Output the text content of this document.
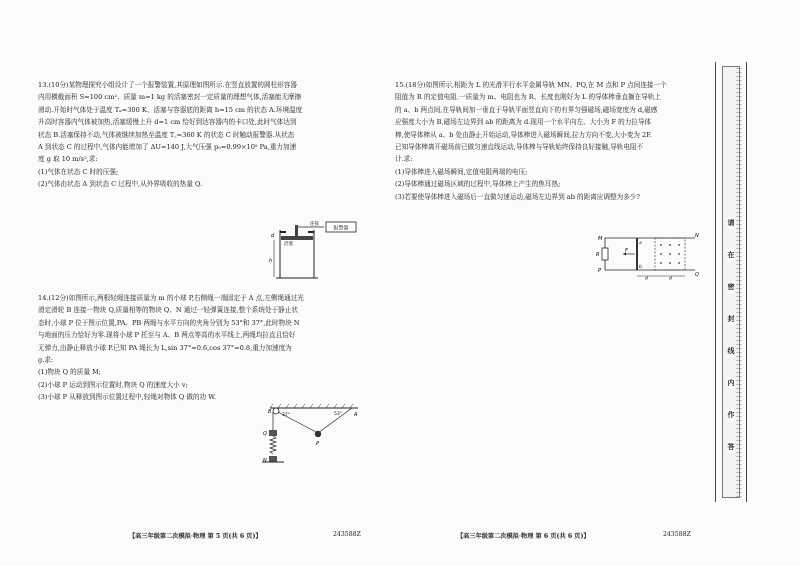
13.(10分)某物理探究小组设计了一个报警装置,其原理如图所示.在竖直放置的圆柱形容器

内用横截面积 S=100 cm²、质量 m=1 kg 的活塞密封一定质量的理想气体,活塞能无摩擦

滑动.开始时气体处于温度 Tₐ=300 K、活塞与容器底的距离 h=15 cm 的状态 A.环境温度

升高时容器内气体被加热,活塞缓慢上升 d=1 cm 恰好到达容器内的卡口处,此时气体达到

状态 B.活塞保持不动,气体被继续加热至温度 T꜀=360 K 的状态 C 时触动报警器.从状态

A 到状态 C 的过程中,气体内能增加了 ΔU=140 J,大气压强 p₀=0.99×10⁵ Pa,重力加速

度 g 取 10 m/s²,求:

(1)气体在状态 C 时的压强;

(2)气体由状态 A 到状态 C 过程中,从外界吸收的热量 Q.

报警器
连接
活塞
h
d

14.(12分)如图所示,两根轻绳连接质量为 m 的小球 P,右侧绳一端固定于 A 点,左侧绳通过光

滑定滑轮 B 连接一物块 Q,质量相等的物块 Q、N 通过一轻弹簧连接,整个系统处于静止状

态时,小球 P 位于图示位置,PA、PB 两绳与水平方向的夹角分别为 53°和 37°,此时物块 N

与地面的压力恰好为零.现将小球 P 托至与 A、B 两点等高的水平线上,两绳均拉直且恰好

无弹力,由静止释放小球 P.已知 PA 绳长为 L,sin 37°=0.6,cos 37°=0.8,重力加速度为

g.求:

(1)物块 Q 的质量 M;

(2)小球 P 运动到图示位置时,物块 Q 的速度大小 v;

(3)小球 P 从释放到图示位置过程中,轻绳对物体 Q 做的功 W.

B	A
P
37°	53°
Q
N
【高三年级第二次模拟·物理 第 5 页(共 6 页)】	243588Z

15.(18分)如图所示,相距为 L 的光滑平行水平金属导轨 MN、PQ,在 M 点和 P 点间连接一个

阻值为 R 的定值电阻.一质量为 m、电阻也为 R、长度也刚好为 L 的导体棒垂直搁在导轨上

的 a、b 两点间,在导轨间加一垂直于导轨平面竖直向下的有界匀强磁场,磁场宽度为 d,磁感

应强度大小为 B,磁场左边界到 ab 的距离为 d.现用一个水平向左、大小为 F 的力拉导体

棒,使导体棒从 a、b 处由静止开始运动,导体棒进入磁场瞬间,拉力方向不变,大小变为 2F.

已知导体棒离开磁场前已做匀速直线运动,导体棒与导轨始终保持良好接触,导轨电阻不

计.求:

(1)导体棒进入磁场瞬间,定值电阻两端的电压;

(2)导体棒通过磁场区域的过程中,导体棒上产生的焦耳热;

(3)若要使导体棒进入磁场后一直做匀速运动,磁场左边界到 ab 的距离应调整为多少?

R
M
P
N
Q
a
b
F
d	d
【高三年级第二次模拟·物理 第 6 页(共 6 页)】	243588Z
请
在
密
封
线
内
作
答
